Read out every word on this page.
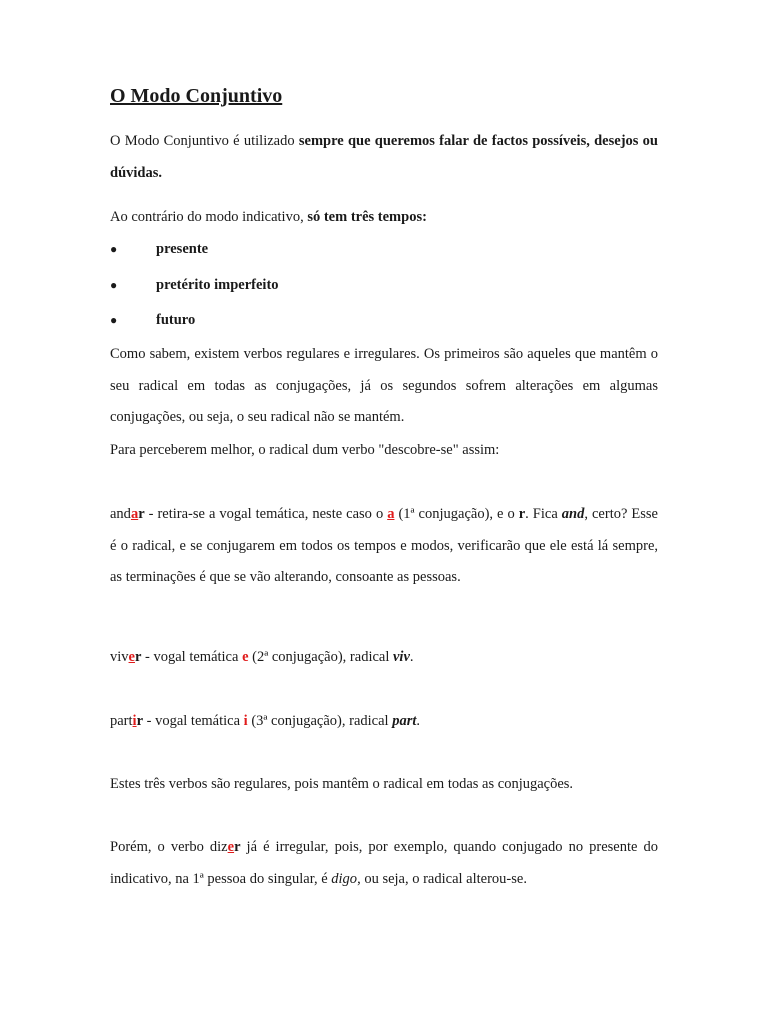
O Modo Conjuntivo

O Modo Conjuntivo é utilizado sempre que queremos falar de factos possíveis, desejos ou dúvidas.

Ao contrário do modo indicativo, só tem três tempos:

●	presente
●	pretérito imperfeito
●	futuro

Como sabem, existem verbos regulares e irregulares. Os primeiros são aqueles que mantêm o seu radical em todas as conjugações, já os segundos sofrem alterações em algumas conjugações, ou seja, o seu radical não se mantém.

Para perceberem melhor, o radical dum verbo "descobre-se" assim:

andar - retira-se a vogal temática, neste caso o a (1ª conjugação), e o r. Fica and, certo? Esse é o radical, e se conjugarem em todos os tempos e modos, verificarão que ele está lá sempre, as terminações é que se vão alterando, consoante as pessoas.

viver - vogal temática e (2ª conjugação), radical viv.

partir - vogal temática i (3ª conjugação), radical part.

Estes três verbos são regulares, pois mantêm o radical em todas as conjugações.

Porém, o verbo dizer já é irregular, pois, por exemplo, quando conjugado no presente do indicativo, na 1ª pessoa do singular, é digo, ou seja, o radical alterou-se.
